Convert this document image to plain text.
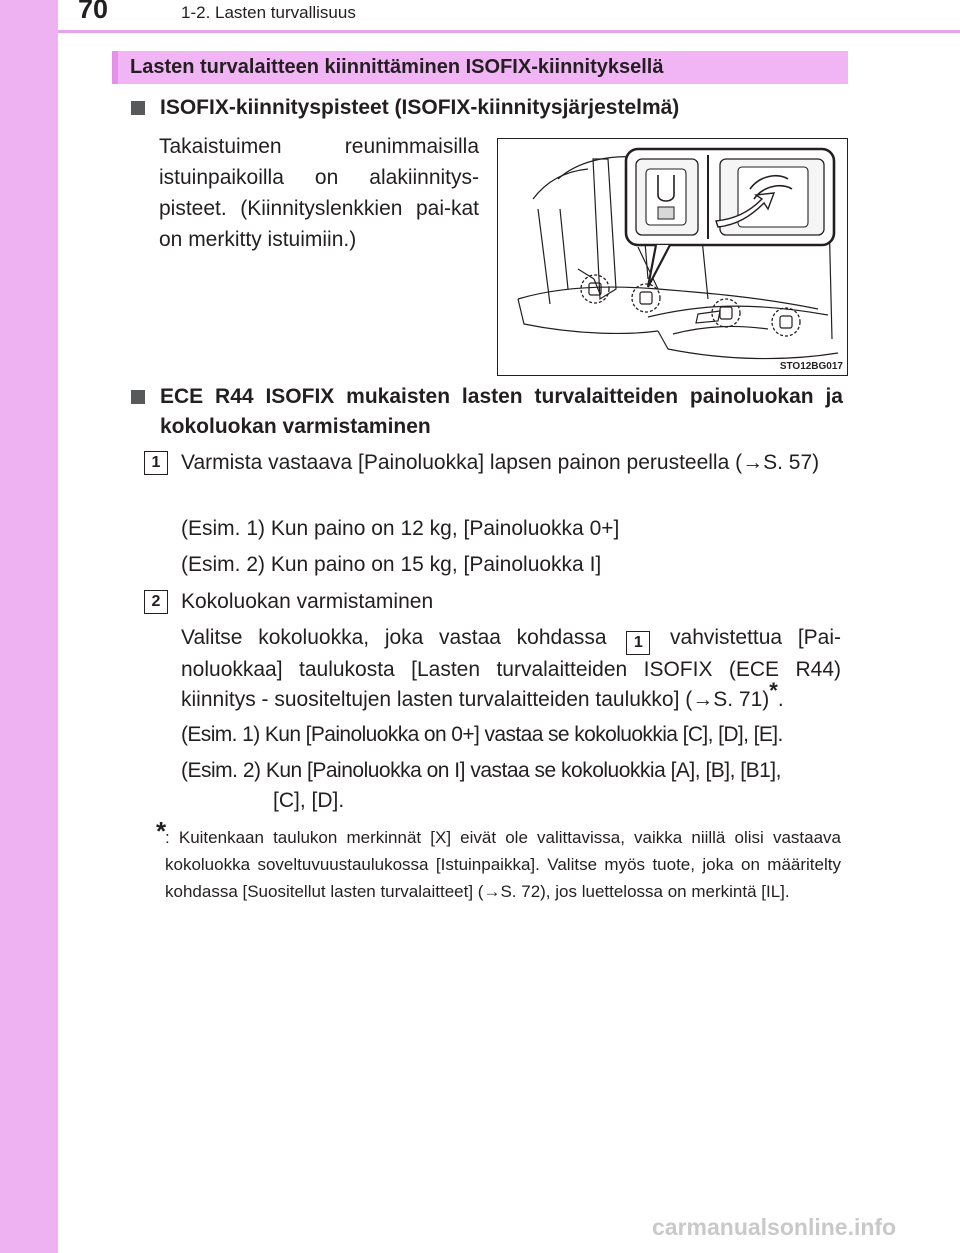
70	1-2. Lasten turvallisuus
Lasten turvalaitteen kiinnittäminen ISOFIX-kiinnityksellä
ISOFIX-kiinnityspisteet (ISOFIX-kiinnitysjärjestelmä)
Takaistuimen reunimmaisilla istuinpaikoilla on alakiinnitys-pisteet. (Kiinnityslenkkien pai-kat on merkitty istuimiin.)
STO12BG017
ECE R44 ISOFIX mukaisten lasten turvalaitteiden painoluokan ja kokoluokan varmistaminen
1 Varmista vastaava [Painoluokka] lapsen painon perusteella (→S. 57)
(Esim. 1) Kun paino on 12 kg, [Painoluokka 0+]
(Esim. 2) Kun paino on 15 kg, [Painoluokka I]
2 Kokoluokan varmistaminen
Valitse kokoluokka, joka vastaa kohdassa 1 vahvistettua [Pai-noluokkaa] taulukosta [Lasten turvalaitteiden ISOFIX (ECE R44) kiinnitys - suositeltujen lasten turvalaitteiden taulukko] (→S. 71)*.
(Esim. 1) Kun [Painoluokka on 0+] vastaa se kokoluokkia [C], [D], [E].
(Esim. 2) Kun [Painoluokka on I] vastaa se kokoluokkia [A], [B], [B1],
[C], [D].
*
: Kuitenkaan taulukon merkinnät [X] eivät ole valittavissa, vaikka niillä olisi vastaava kokoluokka soveltuvuustaulukossa [Istuinpaikka]. Valitse myös tuote, joka on määritelty kohdassa [Suositellut lasten turvalaitteet] (→S. 72), jos luettelossa on merkintä [IL].
carmanualsonline.info
